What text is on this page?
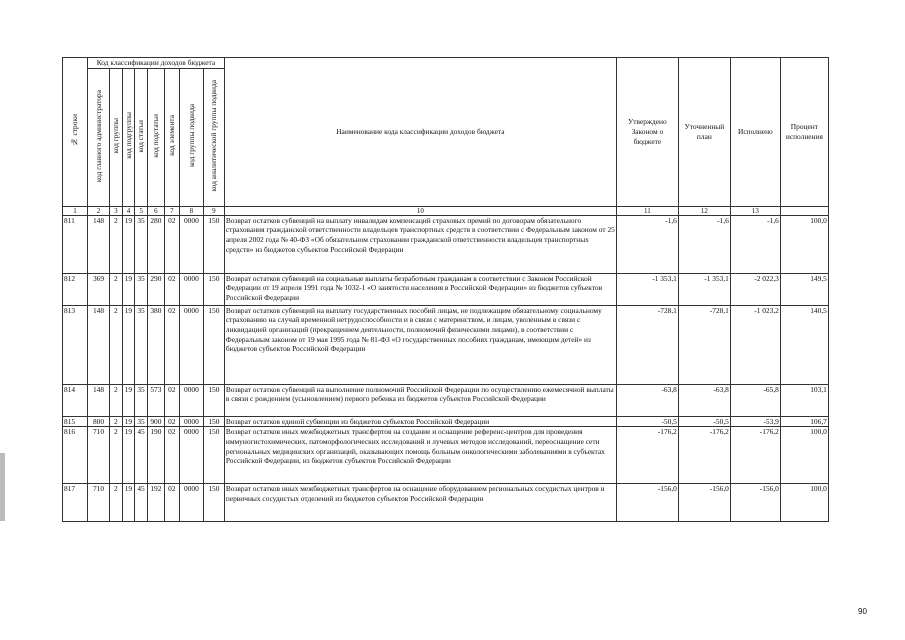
№ строки	Код классификации доходов бюджета								Наименование кода классификации доходов бюджета	Утверждено Законом о бюджете	Уточненный план	Исполнено	Процент исполнения
	код главного администратора	код группы	код подгруппы	код статьи	код подстатьи	код элемента	код группы подвида	код аналитической группы подвида					
1	2	3	4	5	6	7	8	9	10	11	12	13	
811	148	2	19	35	280	02	0000	150	Возврат остатков субвенций на выплату инвалидам компенсаций страховых премий по договорам обязательного страхования гражданской ответственности владельцев транспортных средств в соответствии с Федеральным законом от 25 апреля 2002 года № 40-ФЗ «Об обязательном страховании гражданской ответственности владельцев транспортных средств» из бюджетов субъектов Российской Федерации	-1,6	-1,6	-1,6	100,0
812	369	2	19	35	290	02	0000	150	Возврат остатков субвенций на социальные выплаты безработным гражданам в соответствии с Законом Российской Федерации от 19 апреля 1991 года № 1032-1 «О занятости населения в Российской Федерации» из бюджетов субъектов Российской Федерации	-1 353,1	-1 353,1	-2 022,3	149,5
813	148	2	19	35	380	02	0000	150	Возврат остатков субвенций на выплату государственных пособий лицам, не подлежащим обязательному социальному страхованию на случай временной нетрудоспособности и в связи с материнством, и лицам, уволенным в связи с ликвидацией организаций (прекращением деятельности, полномочий физическими лицами), в соответствии с Федеральным законом от 19 мая 1995 года № 81-ФЗ «О государственных пособиях гражданам, имеющим детей» из бюджетов субъектов Российской Федерации	-728,1	-728,1	-1 023,2	140,5
814	148	2	19	35	573	02	0000	150	Возврат остатков субвенций на выполнение полномочий Российской Федерации по осуществлению ежемесячной выплаты в связи с рождением (усыновлением) первого ребенка из бюджетов субъектов Российской Федерации	-63,8	-63,8	-65,8	103,1
815	800	2	19	35	900	02	0000	150	Возврат остатков единой субвенции из бюджетов субъектов Российской Федерации	-50,5	-50,5	-53,9	106,7
816	710	2	19	45	190	02	0000	150	Возврат остатков иных межбюджетных трансфертов на создание и оснащение референс-центров для проведения иммуногистохимических, патоморфологических исследований и лучевых методов исследований, переоснащение сети региональных медицинских организаций, оказывающих помощь больным онкологическими заболеваниями в субъектах Российской Федерации, из бюджетов субъектов Российской Федерации	-176,2	-176,2	-176,2	100,0
817	710	2	19	45	192	02	0000	150	Возврат остатков иных межбюджетных трансфертов на оснащение оборудованием региональных сосудистых центров и первичных сосудистых отделений из бюджетов субъектов Российской Федерации	-156,0	-156,0	-156,0	100,0
90
